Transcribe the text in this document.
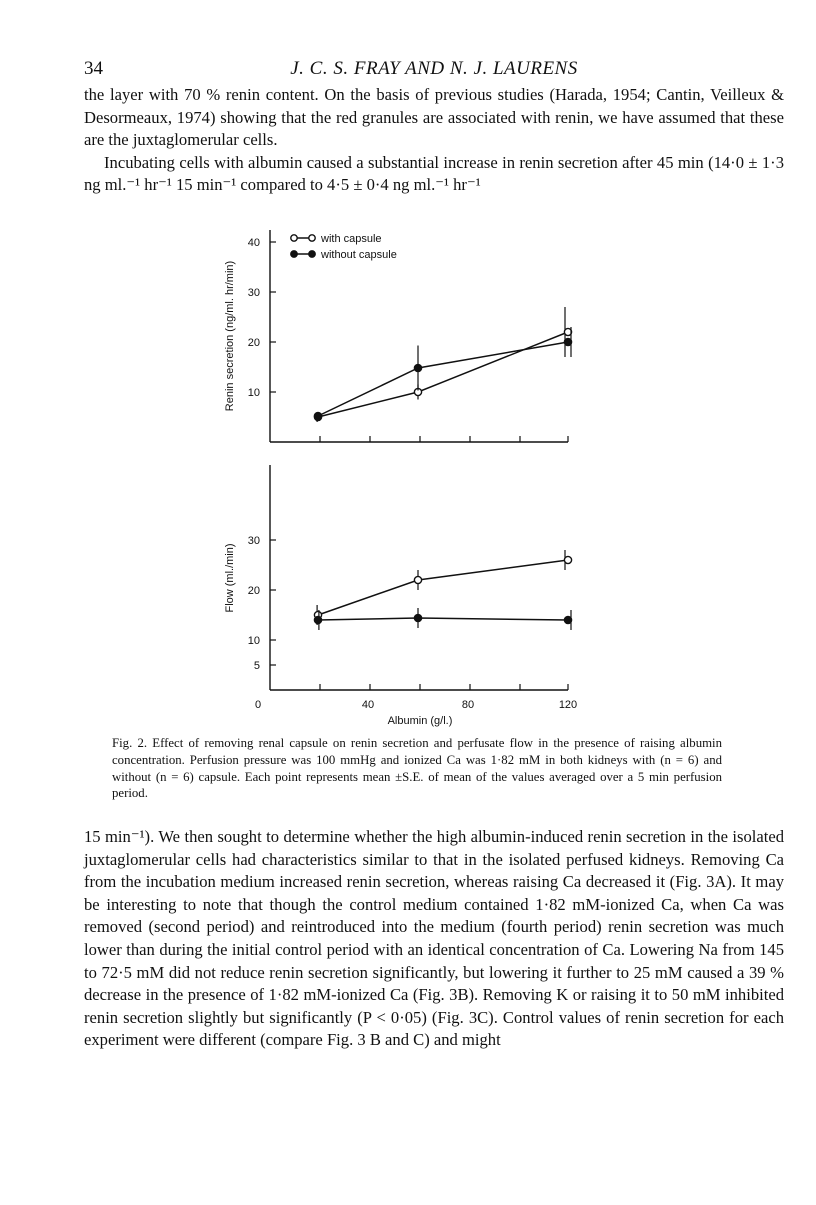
34	J. C. S. FRAY AND N. J. LAURENS

the layer with 70 % renin content. On the basis of previous studies (Harada, 1954; Cantin, Veilleux & Desormeaux, 1974) showing that the red granules are associated with renin, we have assumed that these are the juxtaglomerular cells.

Incubating cells with albumin caused a substantial increase in renin secretion after 45 min (14·0 ± 1·3 ng ml.⁻¹ hr⁻¹ 15 min⁻¹ compared to 4·5 ± 0·4 ng ml.⁻¹ hr⁻¹

with capsule
without capsule
10
20
30
40
Renin secretion (ng/ml. hr/min)
5
10
20
30
Flow (ml./min)
0	40	80	120
Albumin (g/l.)

Fig. 2. Effect of removing renal capsule on renin secretion and perfusate flow in the presence of raising albumin concentration. Perfusion pressure was 100 mmHg and ionized Ca was 1·82 mM in both kidneys with (n = 6) and without (n = 6) capsule. Each point represents mean ±S.E. of mean of the values averaged over a 5 min perfusion period.

15 min⁻¹). We then sought to determine whether the high albumin-induced renin secretion in the isolated juxtaglomerular cells had characteristics similar to that in the isolated perfused kidneys. Removing Ca from the incubation medium increased renin secretion, whereas raising Ca decreased it (Fig. 3A). It may be interesting to note that though the control medium contained 1·82 mM-ionized Ca, when Ca was removed (second period) and reintroduced into the medium (fourth period) renin secretion was much lower than during the initial control period with an identical concentration of Ca. Lowering Na from 145 to 72·5 mM did not reduce renin secretion significantly, but lowering it further to 25 mM caused a 39 % decrease in the presence of 1·82 mM-ionized Ca (Fig. 3B). Removing K or raising it to 50 mM inhibited renin secretion slightly but significantly (P < 0·05) (Fig. 3C). Control values of renin secretion for each experiment were different (compare Fig. 3 B and C) and might
